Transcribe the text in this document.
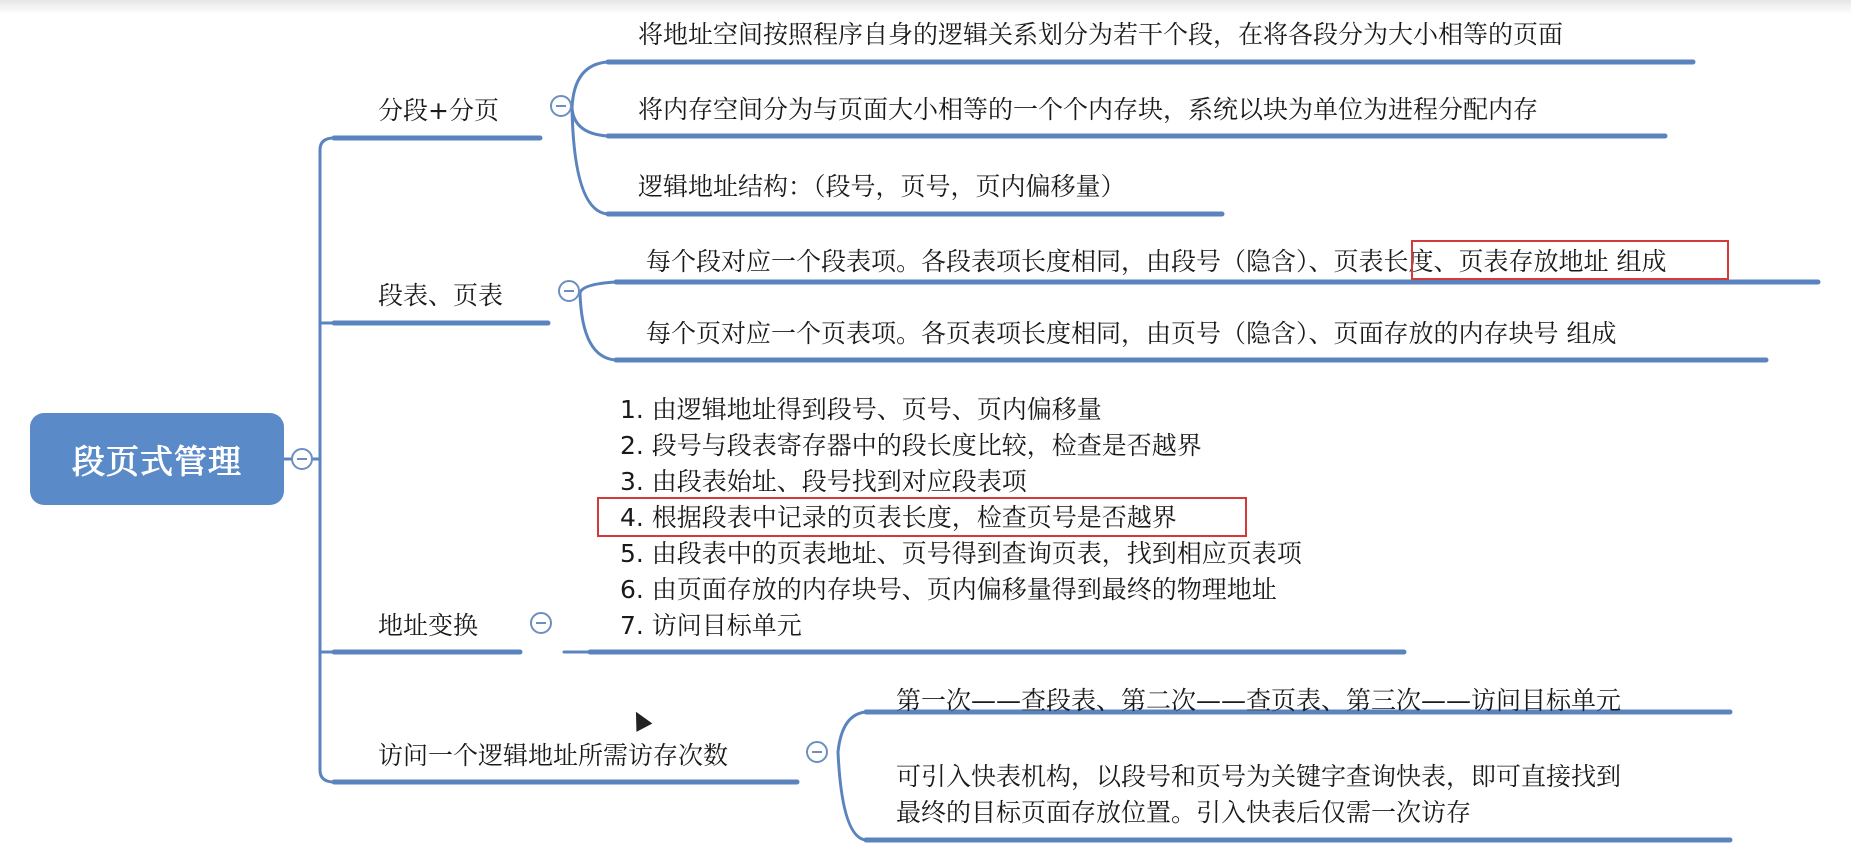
段页式管理
分段+分页
将地址空间按照程序自身的逻辑关系划分为若干个段，在将各段分为大小相等的页面
将内存空间分为与页面大小相等的一个个内存块，系统以块为单位为进程分配内存
逻辑地址结构：（段号，页号，页内偏移量）
段表、页表
每个段对应一个段表项。各段表项长度相同，由段号（隐含）、页表长度、页表存放地址 组成
每个页对应一个页表项。各页表项长度相同，由页号（隐含）、页面存放的内存块号 组成
地址变换
1. 由逻辑地址得到段号、页号、页内偏移量
2. 段号与段表寄存器中的段长度比较，检查是否越界
3. 由段表始址、段号找到对应段表项
4. 根据段表中记录的页表长度，检查页号是否越界
5. 由段表中的页表地址、页号得到查询页表，找到相应页表项
6. 由页面存放的内存块号、页内偏移量得到最终的物理地址
7. 访问目标单元
访问一个逻辑地址所需访存次数
第一次——查段表、第二次——查页表、第三次——访问目标单元
可引入快表机构，以段号和页号为关键字查询快表，即可直接找到
最终的目标页面存放位置。引入快表后仅需一次访存
